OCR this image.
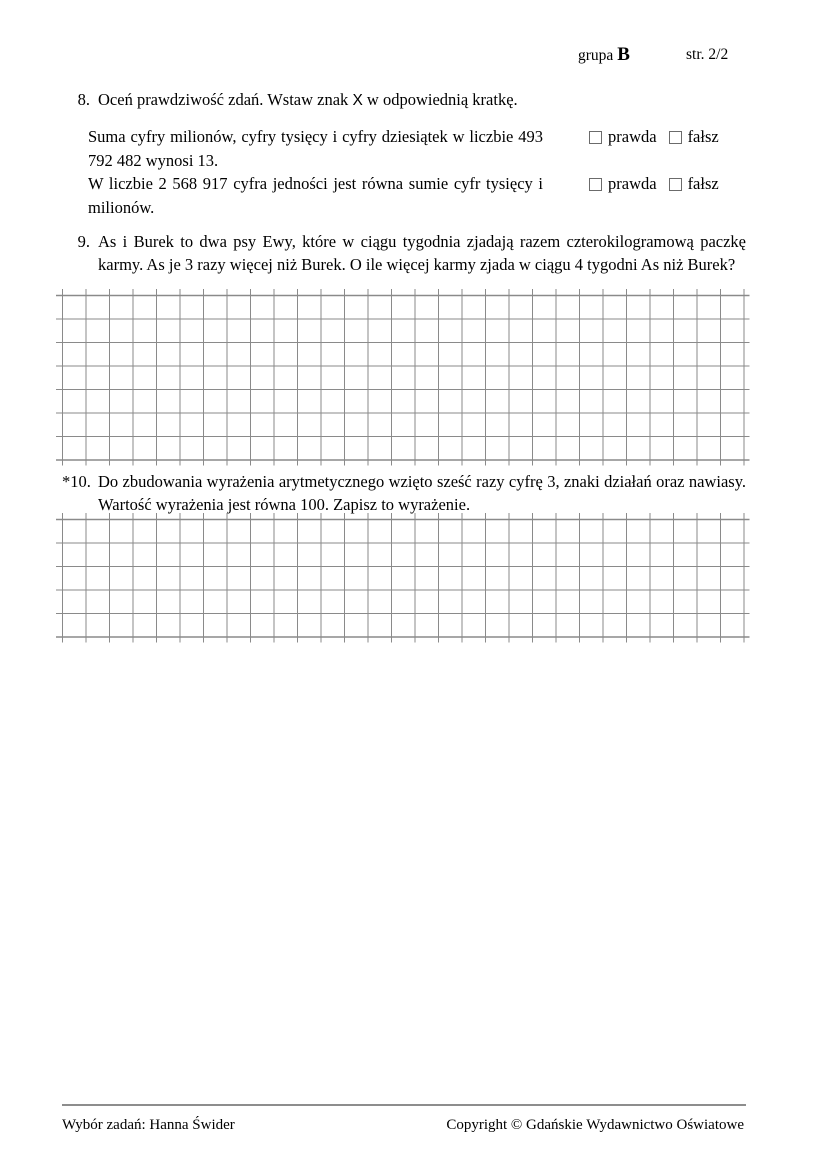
grupa B	str. 2/2
8. Oceń prawdziwość zdań. Wstaw znak X w odpowiednią kratkę.
Suma cyfry milionów, cyfry tysięcy i cyfry dziesiątek w liczbie 493 792 482 wynosi 13.
prawda fałsz
W liczbie 2 568 917 cyfra jedności jest równa sumie cyfr tysięcy i milionów.
prawda fałsz
9. As i Burek to dwa psy Ewy, które w ciągu tygodnia zjadają razem czterokilogramową paczkę karmy. As je 3 razy więcej niż Burek. O ile więcej karmy zjada w ciągu 4 tygodni As niż Burek?
*10. Do zbudowania wyrażenia arytmetycznego wzięto sześć razy cyfrę 3, znaki działań oraz nawiasy. Wartość wyrażenia jest równa 100. Zapisz to wyrażenie.
Wybór zadań: Hanna Świder	Copyright © Gdańskie Wydawnictwo Oświatowe
